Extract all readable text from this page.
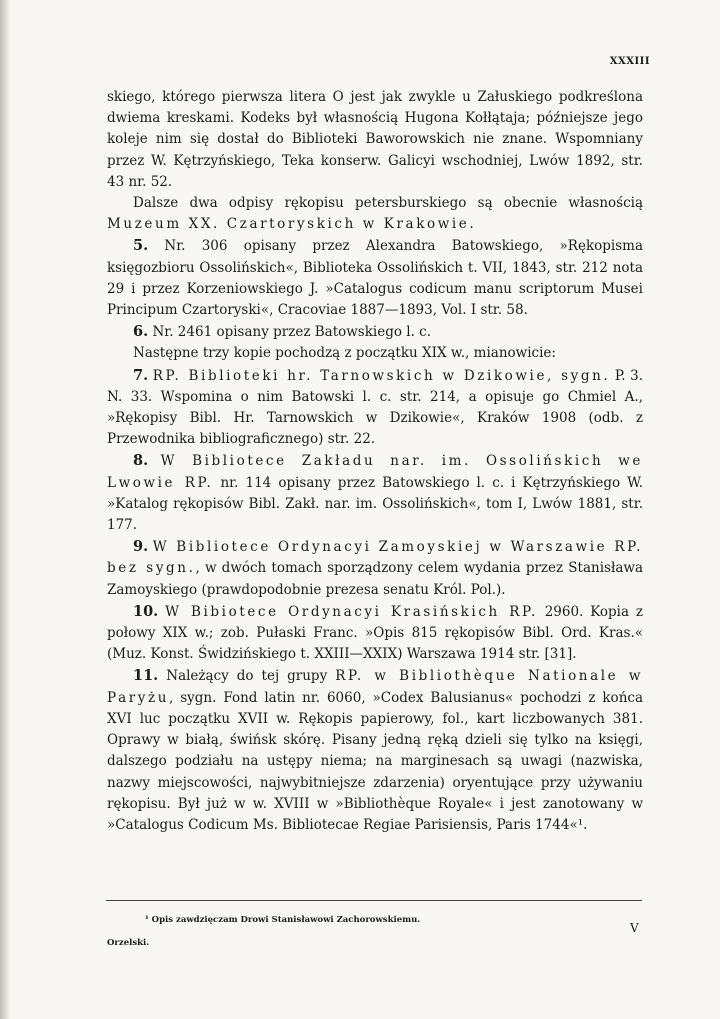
XXXIII

skiego, którego pierwsza litera O jest jak zwykle u Załuskiego podkreślona dwiema kreskami. Kodeks był własnością Hugona Kołłątaja; późniejsze jego koleje nim się dostał do Biblioteki Baworowskich nie znane. Wspomniany przez W. Kętrzyńskiego, Teka konserw. Galicyi wschodniej, Lwów 1892, str. 43 nr. 52.

Dalsze dwa odpisy rękopisu petersburskiego są obecnie własnością Muzeum XX. Czartoryskich w Krakowie.

5. Nr. 306 opisany przez Alexandra Batowskiego, »Rękopisma księgozbioru Ossolińskich«, Biblioteka Ossolińskich t. VII, 1843, str. 212 nota 29 i przez Korzeniowskiego J. »Catalogus codicum manu scriptorum Musei Principum Czartoryski«, Cracoviae 1887—1893, Vol. I str. 58.

6. Nr. 2461 opisany przez Batowskiego l. c.

Następne trzy kopie pochodzą z początku XIX w., mianowicie:

7. RP. Biblioteki hr. Tarnowskich w Dzikowie, sygn. P. 3. N. 33. Wspomina o nim Batowski l. c. str. 214, a opisuje go Chmiel A., »Rękopisy Bibl. Hr. Tarnowskich w Dzikowie«, Kraków 1908 (odb. z Przewodnika bibliograficznego) str. 22.

8. W Bibliotece Zakładu nar. im. Ossolińskich we Lwowie RP. nr. 114 opisany przez Batowskiego l. c. i Kętrzyńskiego W. »Katalog rękopisów Bibl. Zakł. nar. im. Ossolińskich«, tom I, Lwów 1881, str. 177.

9. W Bibliotece Ordynacyi Zamoyskiej w Warszawie RP. bez sygn., w dwóch tomach sporządzony celem wydania przez Stanisława Zamoyskiego (prawdopodobnie prezesa senatu Król. Pol.).

10. W Bibiotece Ordynacyi Krasińskich RP. 2960. Kopia z połowy XIX w.; zob. Pułaski Franc. »Opis 815 rękopisów Bibl. Ord. Kras.« (Muz. Konst. Świdzińskiego t. XXIII—XXIX) Warszawa 1914 str. [31].

11. Należący do tej grupy RP. w Bibliothèque Nationale w Paryżu, sygn. Fond latin nr. 6060, »Codex Balusianus« pochodzi z końca XVI luc początku XVII w. Rękopis papierowy, fol., kart liczbowanych 381. Oprawy w białą, świńsk skórę. Pisany jedną ręką dzieli się tylko na księgi, dalszego podziału na ustępy niema; na marginesach są uwagi (nazwiska, nazwy miejscowości, najwybitniejsze zdarzenia) oryentujące przy używaniu rękopisu. Był już w w. XVIII w »Bibliothèque Royale« i jest zanotowany w »Catalogus Codicum Ms. Bibliotecae Regiae Parisiensis, Paris 1744«¹.

¹ Opis zawdzięczam Drowi Stanisławowi Zachorowskiemu.
Orzelski.
V
